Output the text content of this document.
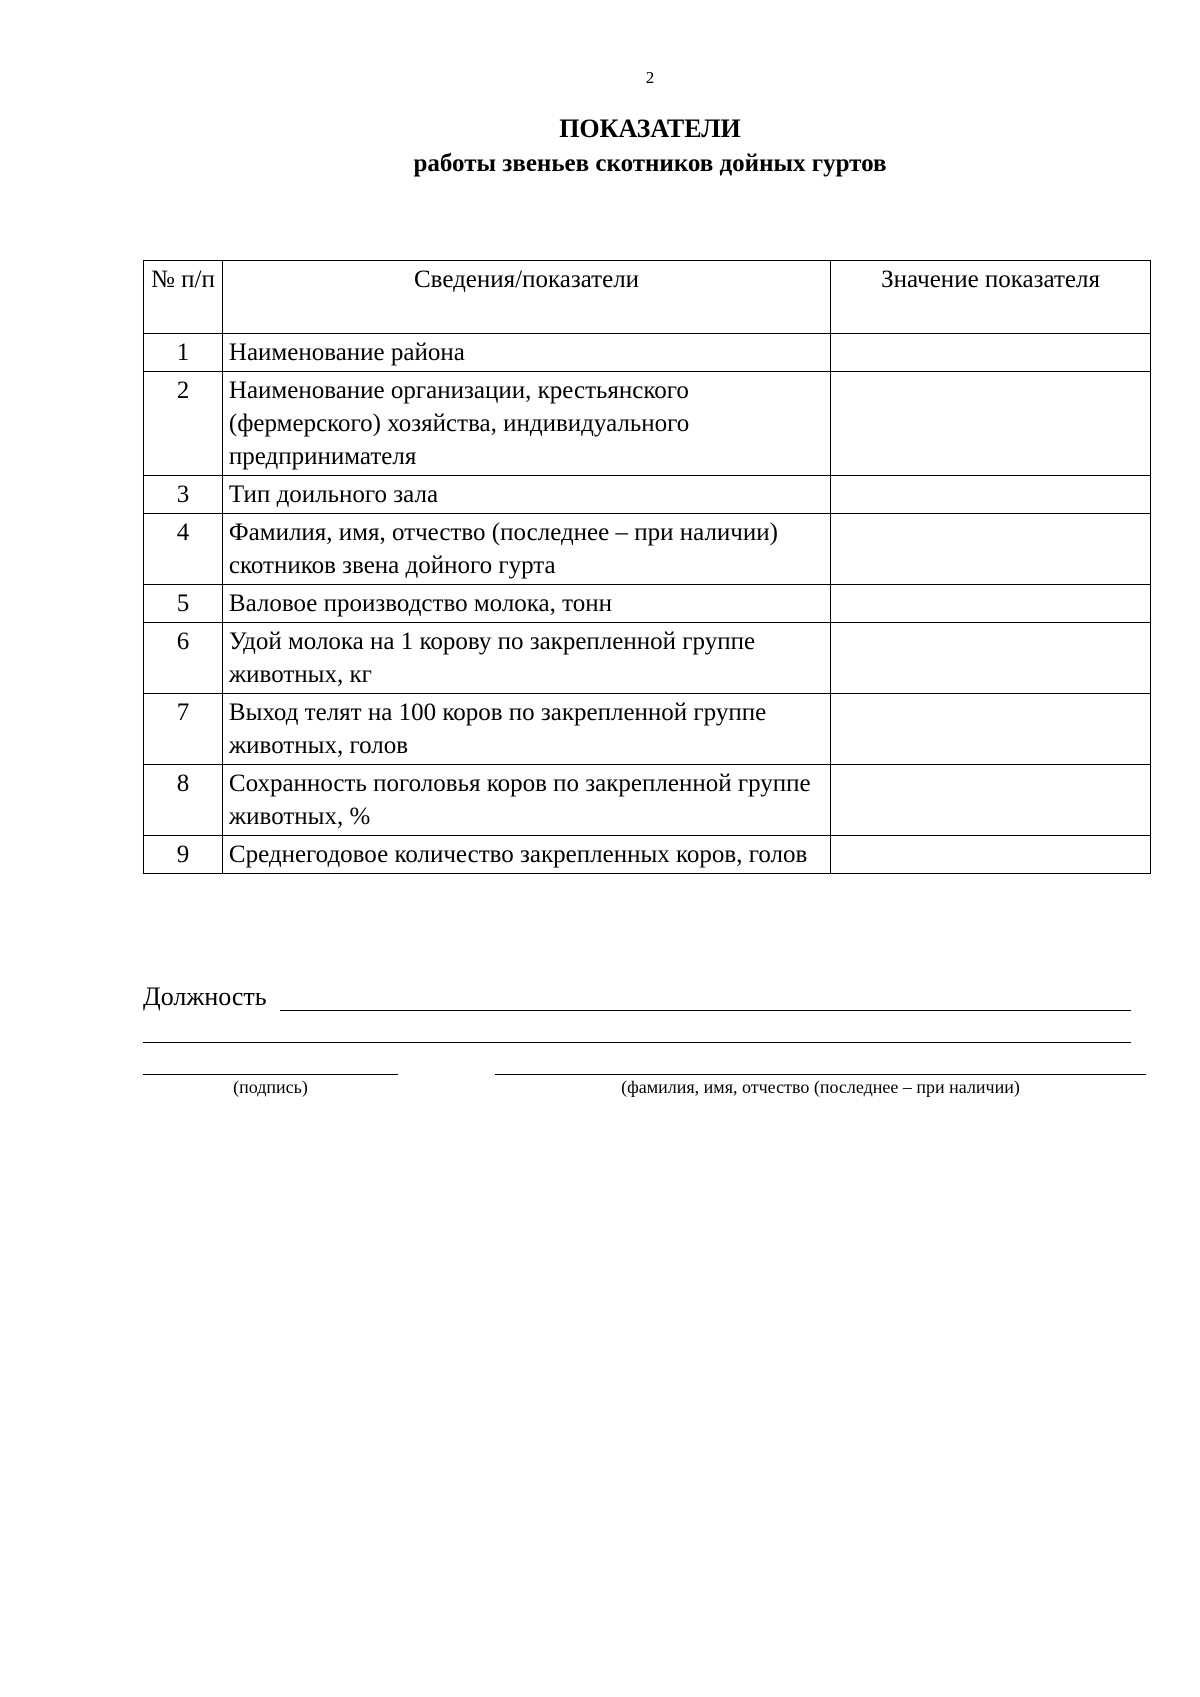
2
ПОКАЗАТЕЛИ
работы звеньев скотников дойных гуртов
№ п/п	Сведения/показатели	Значение показателя
1	Наименование района	
2	Наименование организации, крестьянского (фермерского) хозяйства, индивидуального предпринимателя	
3	Тип доильного зала	
4	Фамилия, имя, отчество (последнее – при наличии) скотников звена дойного гурта	
5	Валовое производство молока, тонн	
6	Удой молока на 1 корову по закрепленной группе животных, кг	
7	Выход телят на 100 коров по закрепленной группе животных, голов	
8	Сохранность поголовья коров по закрепленной группе животных, %	
9	Среднегодовое количество закрепленных коров, голов	
Должность
(подпись)	(фамилия, имя, отчество (последнее – при наличии)
